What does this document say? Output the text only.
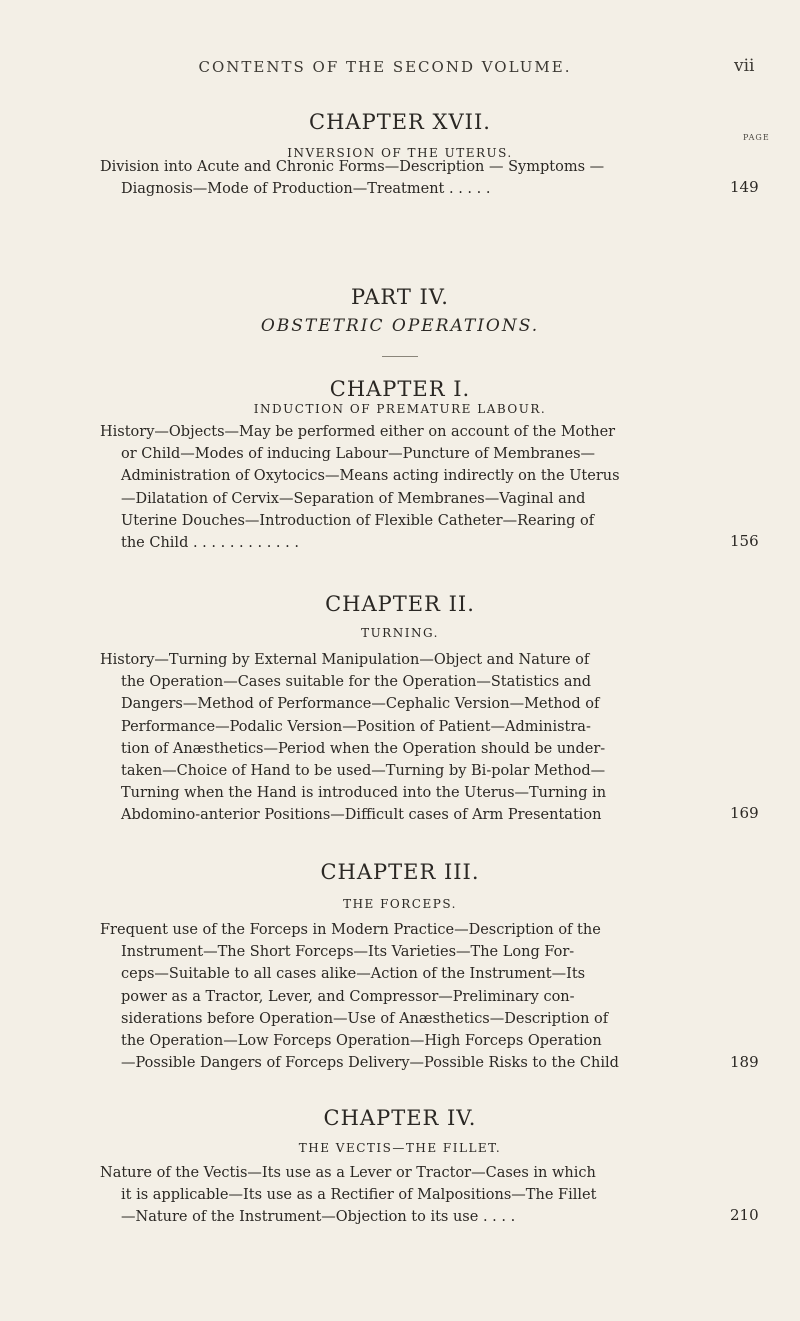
CONTENTS OF THE SECOND VOLUME.	vii
CHAPTER XVII.
INVERSION OF THE UTERUS.
PAGE
Division into Acute and Chronic Forms—Description — Symptoms —
Diagnosis—Mode of Production—Treatment . . . . .	149
PART IV.
OBSTETRIC OPERATIONS.
CHAPTER I.
INDUCTION OF PREMATURE LABOUR.
History—Objects—May be performed either on account of the Mother
or Child—Modes of inducing Labour—Puncture of Membranes—
Administration of Oxytocics—Means acting indirectly on the Uterus
—Dilatation of Cervix—Separation of Membranes—Vaginal and
Uterine Douches—Introduction of Flexible Catheter—Rearing of
the Child . . . . . . . . . . . .	156
CHAPTER II.
TURNING.
History—Turning by External Manipulation—Object and Nature of
the Operation—Cases suitable for the Operation—Statistics and
Dangers—Method of Performance—Cephalic Version—Method of
Performance—Podalic Version—Position of Patient—Administra-
tion of Anæsthetics—Period when the Operation should be under-
taken—Choice of Hand to be used—Turning by Bi-polar Method—
Turning when the Hand is introduced into the Uterus—Turning in
Abdomino-anterior Positions—Difficult cases of Arm Presentation	169
CHAPTER III.
THE FORCEPS.
Frequent use of the Forceps in Modern Practice—Description of the
Instrument—The Short Forceps—Its Varieties—The Long For-
ceps—Suitable to all cases alike—Action of the Instrument—Its
power as a Tractor, Lever, and Compressor—Preliminary con-
siderations before Operation—Use of Anæsthetics—Description of
the Operation—Low Forceps Operation—High Forceps Operation
—Possible Dangers of Forceps Delivery—Possible Risks to the Child	189
CHAPTER IV.
THE VECTIS—THE FILLET.
Nature of the Vectis—Its use as a Lever or Tractor—Cases in which
it is applicable—Its use as a Rectifier of Malpositions—The Fillet
—Nature of the Instrument—Objection to its use . . . .	210
